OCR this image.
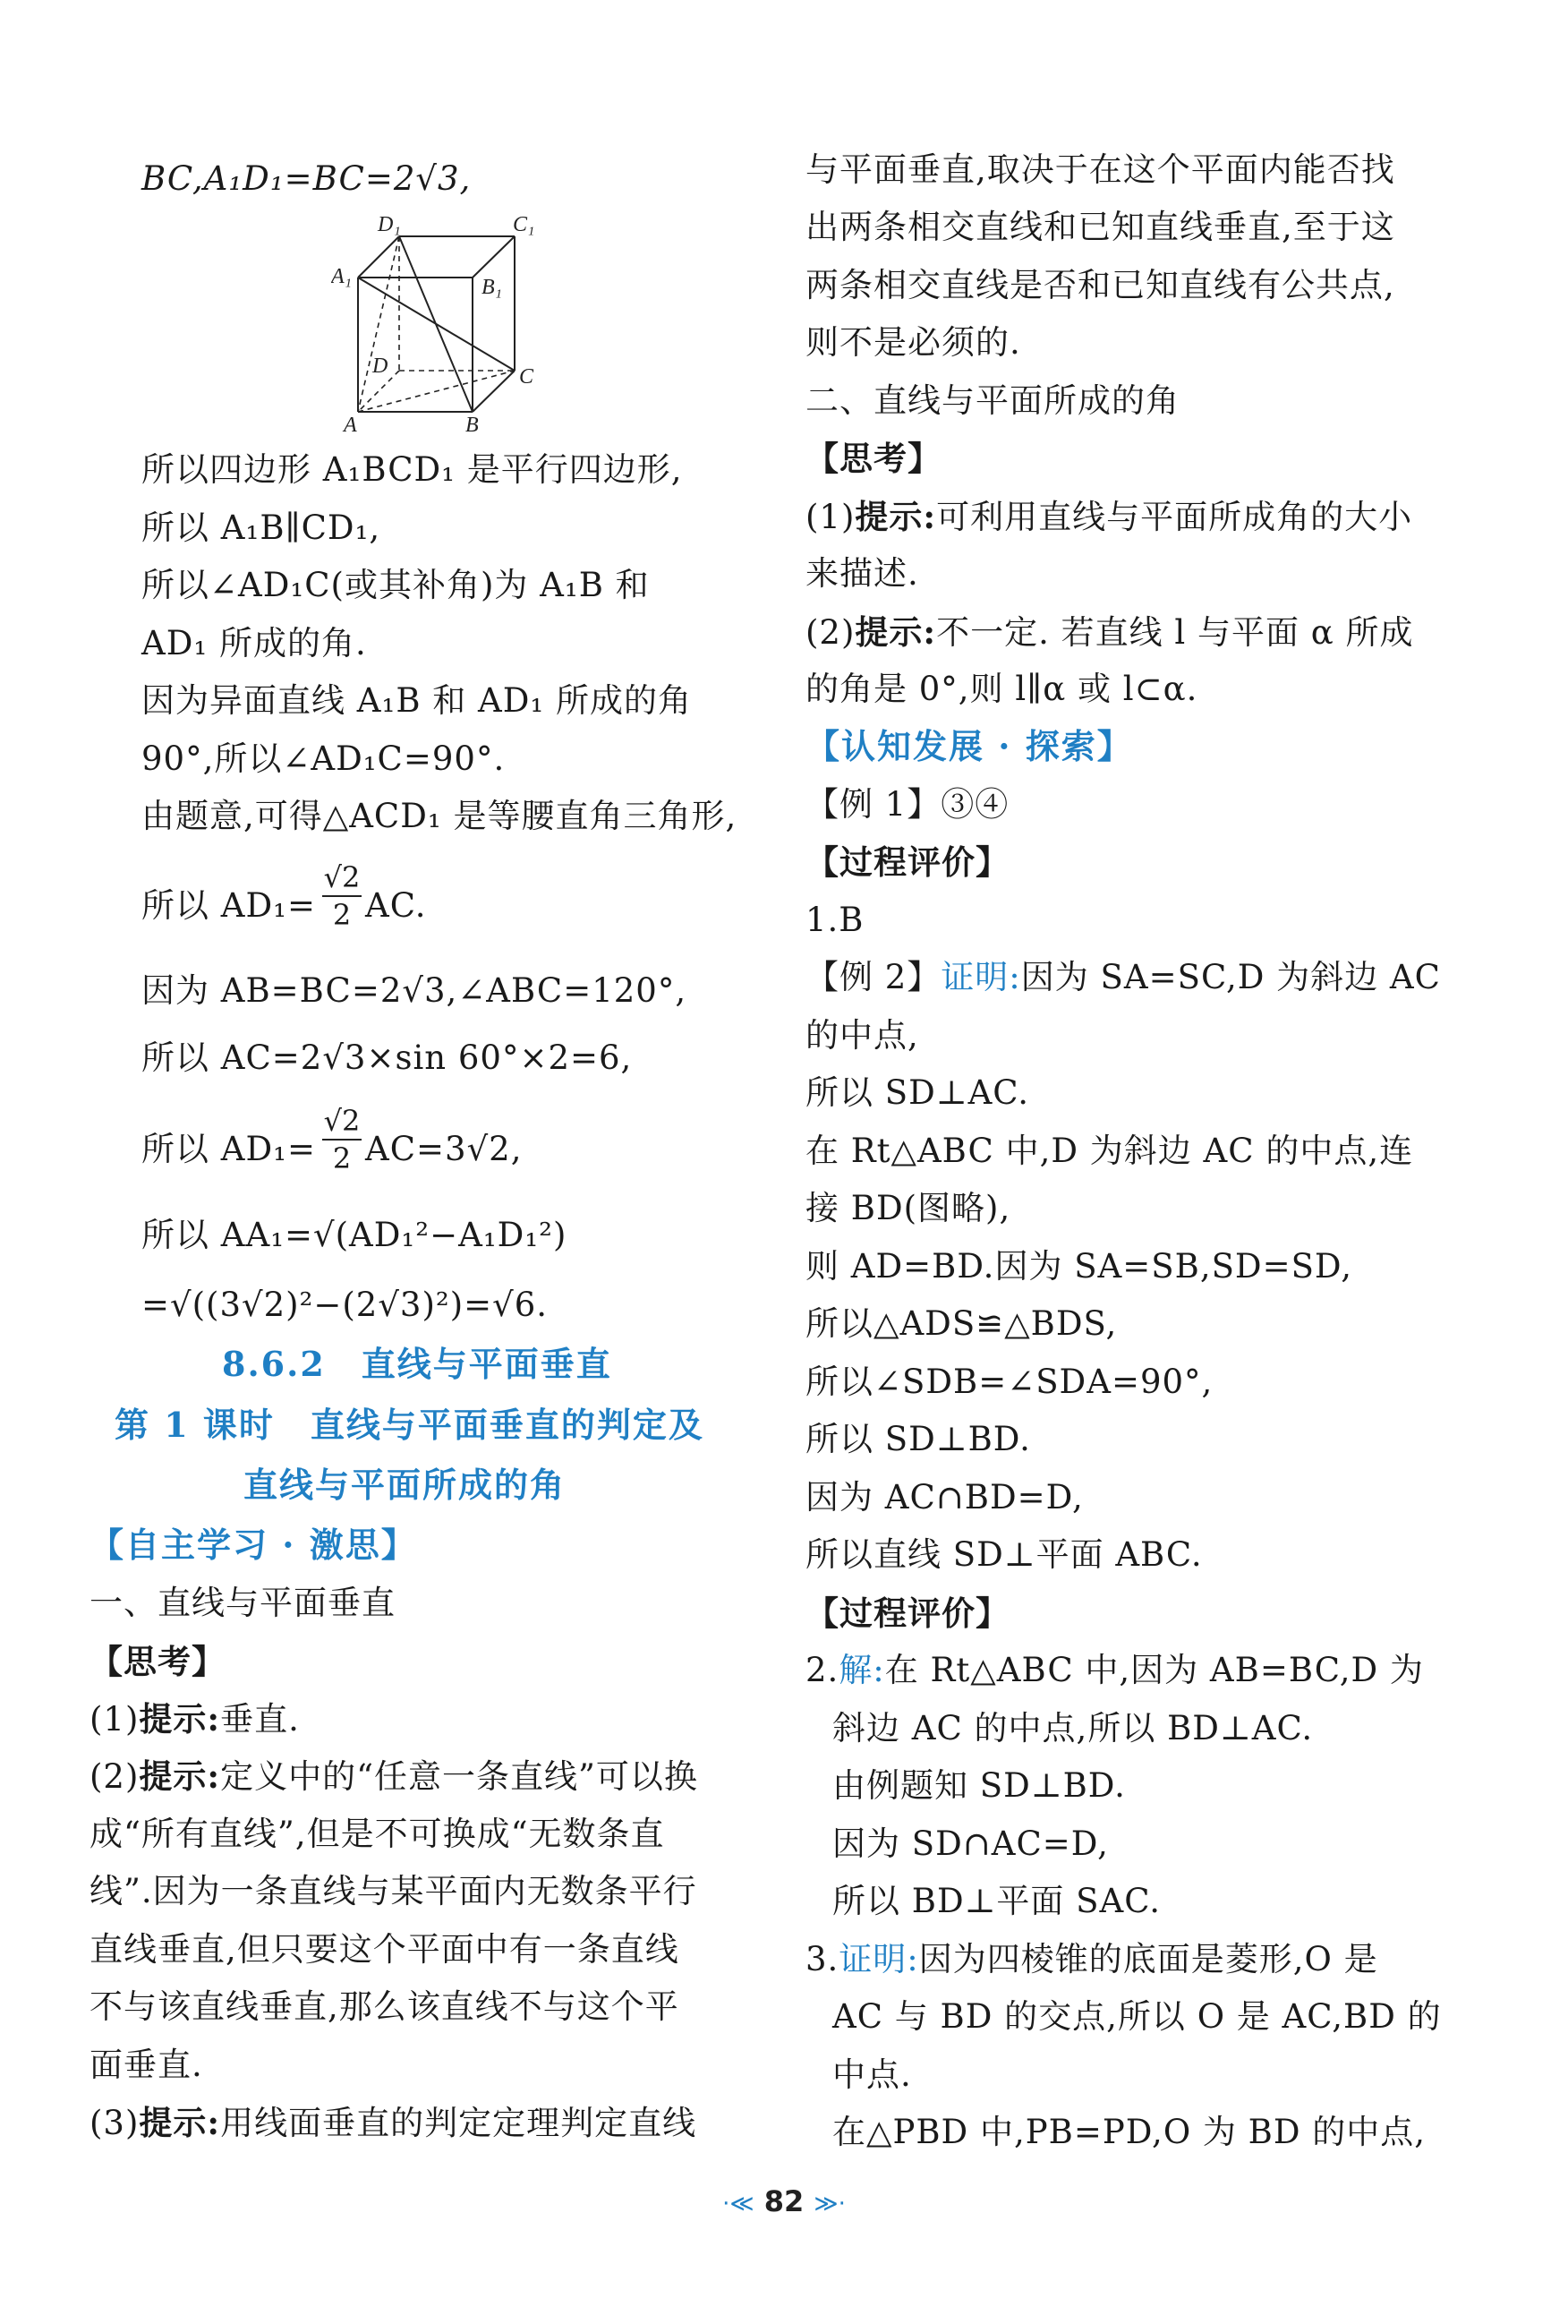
BC,A₁D₁=BC=2√3,
D₁	C₁
A₁	B₁
D	C
A	B
所以四边形 A₁BCD₁ 是平行四边形,
所以 A₁B∥CD₁,
所以∠AD₁C(或其补角)为 A₁B 和
AD₁ 所成的角.
因为异面直线 A₁B 和 AD₁ 所成的角
90°,所以∠AD₁C=90°.
由题意,可得△ACD₁ 是等腰直角三角形,
所以 $AD_1= \frac{√2}{2}$ AC.
因为 AB=BC=2√3,∠ABC=120°,
所以 AC=2√3×sin 60°×2=6,
所以 $AD_1= \frac{√2}{2} AC=3√2$,
所以 AA₁=√(AD₁²−A₁D₁²)
=√((3√2)²−(2√3)²)=√6.
8.6.2　直线与平面垂直
第 1 课时　直线与平面垂直的判定及
直线与平面所成的角
【自主学习 · 激思】
一、直线与平面垂直
【思考】
(1)提示:垂直.
(2)提示:定义中的“任意一条直线”可以换
成“所有直线”,但是不可换成“无数条直
线”.因为一条直线与某平面内无数条平行
直线垂直,但只要这个平面中有一条直线
不与该直线垂直,那么该直线不与这个平
面垂直.
(3)提示:用线面垂直的判定定理判定直线
与平面垂直,取决于在这个平面内能否找
出两条相交直线和已知直线垂直,至于这
两条相交直线是否和已知直线有公共点,
则不是必须的.
二、直线与平面所成的角
【思考】
(1)提示:可利用直线与平面所成角的大小
来描述.
(2)提示:不一定. 若直线 l 与平面 α 所成
的角是 0°,则 l∥α 或 l⊂α.
【认知发展 · 探索】
【例 1】③④
【过程评价】
1.B
【例 2】证明:因为 SA=SC,D 为斜边 AC
的中点,
所以 SD⊥AC.
在 Rt△ABC 中,D 为斜边 AC 的中点,连
接 BD(图略),
则 AD=BD.因为 SA=SB,SD=SD,
所以△ADS≌△BDS,
所以∠SDB=∠SDA=90°,
所以 SD⊥BD.
因为 AC∩BD=D,
所以直线 SD⊥平面 ABC.
【过程评价】
2.解:在 Rt△ABC 中,因为 AB=BC,D 为
斜边 AC 的中点,所以 BD⊥AC.
由例题知 SD⊥BD.
因为 SD∩AC=D,
所以 BD⊥平面 SAC.
3.证明:因为四棱锥的底面是菱形,O 是
AC 与 BD 的交点,所以 O 是 AC,BD 的
中点.
在△PBD 中,PB=PD,O 为 BD 的中点,
·≪ 82 ≫·
